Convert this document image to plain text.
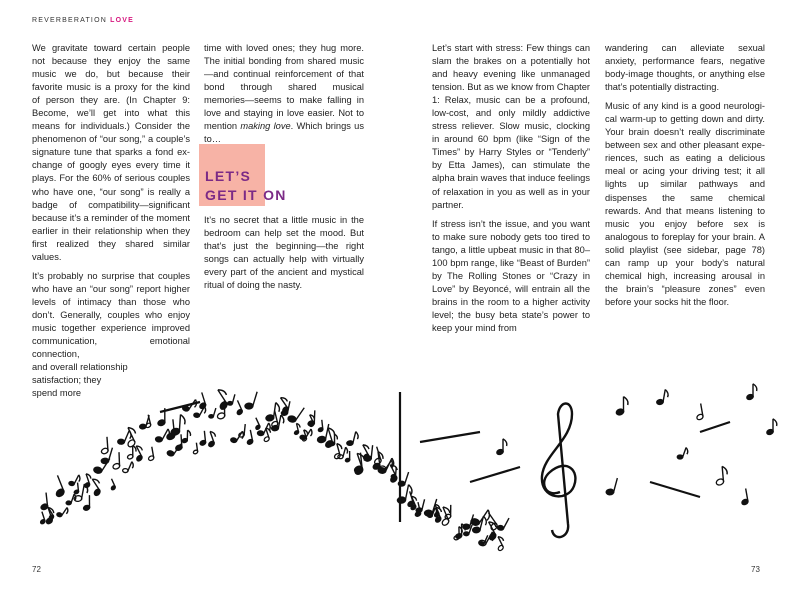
REVERBERATION LOVE

We gravitate toward certain people not because they enjoy the same music we do, but because their favorite music is a proxy for the kind of person they are. (In Chapter 9: Become, we’ll get into what this means for individuals.) Consider the phenomenon of “our song,” a couple’s signature tune that sparks a fond exchange of googly eyes every time it plays. For the 60% of serious couples who have one, “our song” is really a badge of compatibility—significant because it’s a reminder of the moment earlier in their relationship when they first realized they shared similar values.

It’s probably no surprise that couples who have an “our song” report higher levels of intimacy than those who don’t. Generally, couples who enjoy music together experience improved communication, emotional connection,
and overall relationship
satisfaction; they
spend more

time with loved ones; they hug more. The initial bonding from shared music—and continual reinforcement of that bond through shared musical memories—seems to make falling in love and staying in love easier. Not to mention making love. Which brings us to…

LET’S
GET IT ON

It’s no secret that a little music in the bedroom can help set the mood. But that’s just the beginning—the right songs can actually help with virtually every part of the ancient and mystical ritual of doing the nasty.

Let’s start with stress: Few things can slam the brakes on a potentially hot and heavy evening like unmanaged tension. But as we know from Chapter 1: Relax, music can be a profound, low-cost, and only mildly addictive stress reliever. Slow music, clocking in around 60 bpm (like “Sign of the Times” by Harry Styles or “Tenderly” by Etta James), can stimulate the alpha brain waves that induce feelings of relaxation in you as well as in your partner.

If stress isn’t the issue, and you want to make sure nobody gets too tired to tango, a little upbeat music in that 80–100 bpm range, like “Beast of Burden” by The Rolling Stones or “Crazy in Love” by Beyoncé, will entrain all the brains in the room to a higher activity level; the busy beta state’s power to keep your mind from

wandering can alleviate sexual anxiety, performance fears, negative body-image thoughts, or anything else that’s potentially distracting.

Music of any kind is a good neurological warm-up to getting down and dirty. Your brain doesn’t really discriminate between sex and other pleasant experiences, such as eating a delicious meal or acing your driving test; it all lights up similar pathways and dispenses the same chemical rewards. And that means listening to music you enjoy before sex is analogous to foreplay for your brain. A solid playlist (see sidebar, page 78) can ramp up your body’s natural chemical high, increasing arousal in the brain’s “pleasure zones” even before your socks hit the floor.

72	73
